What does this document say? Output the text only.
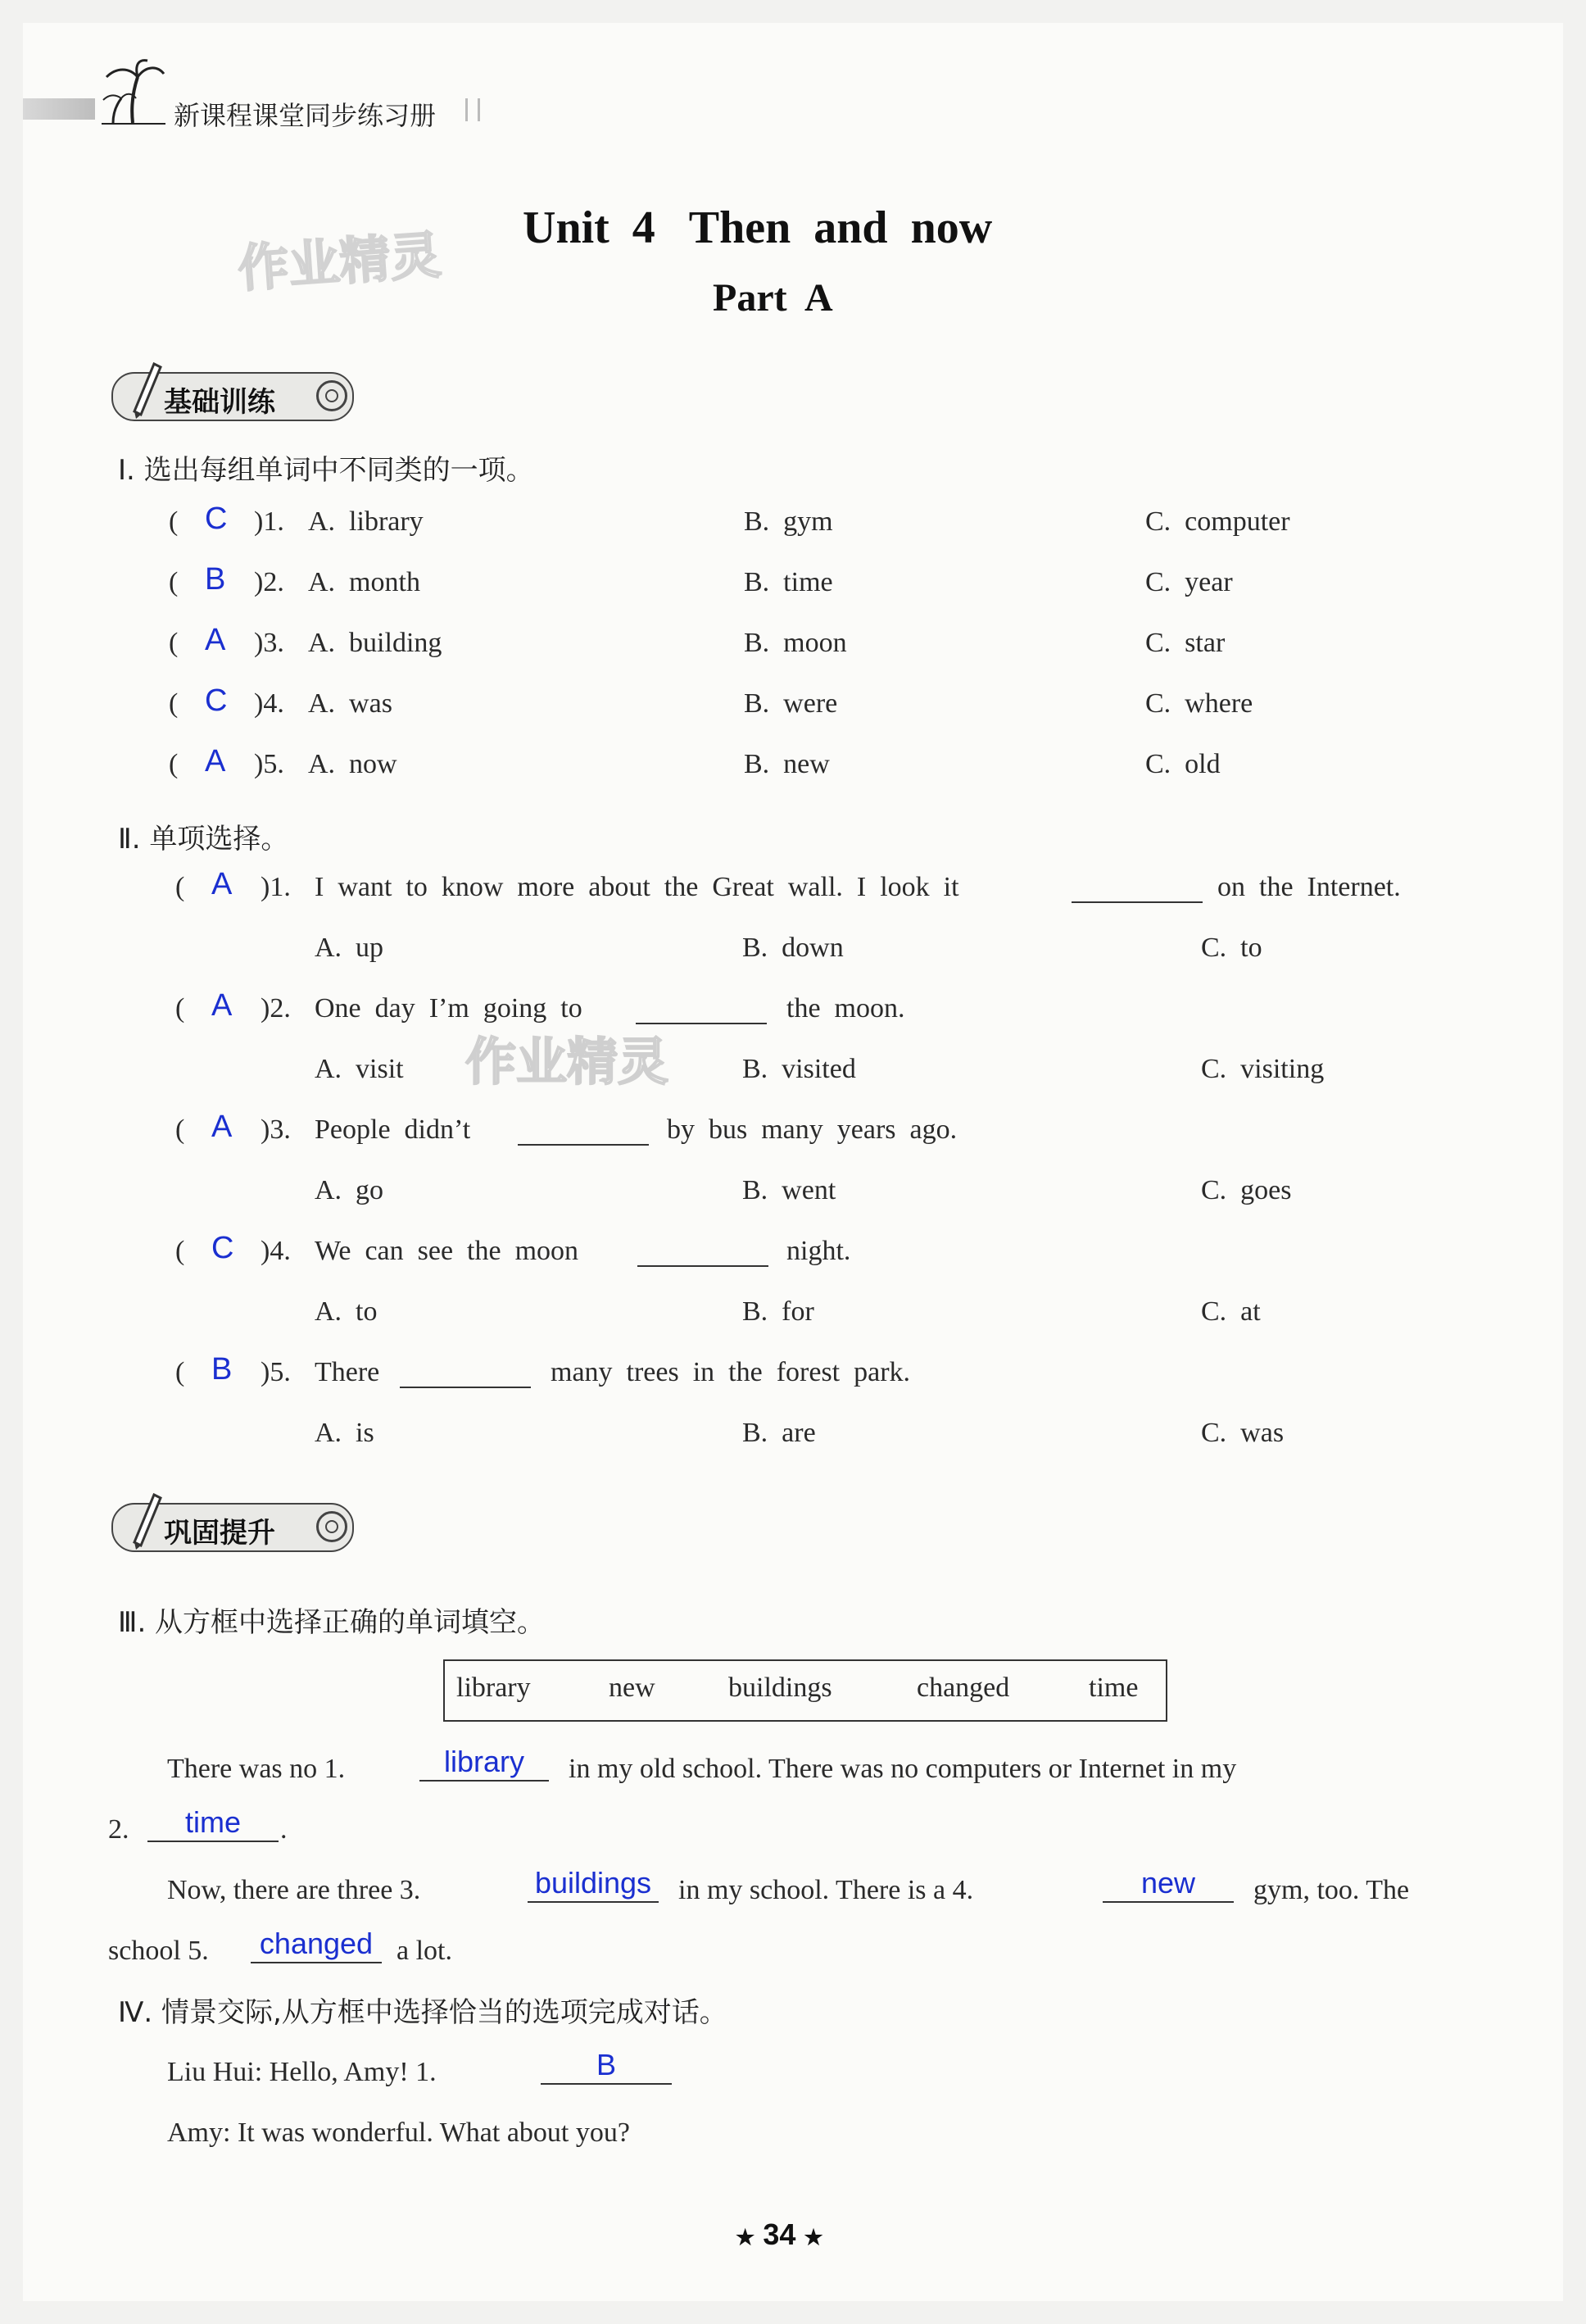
新课程课堂同步练习册
作业精灵
作业精灵
Unit  4   Then  and  now
Part  A
基础训练
Ⅰ. 选出每组单词中不同类的一项。
( C )1. A.  library	B.  gym	C.  computer
( B )2. A.  month	B.  time	C.  year
( A )3. A.  building	B.  moon	C.  star
( C )4. A.  was	B.  were	C.  where
( A )5. A.  now	B.  new	C.  old
Ⅱ. 单项选择。
( A )1. I  want  to  know  more  about  the  Great  wall.  I  look  it	on  the  Internet.
A.  up	B.  down	C.  to
( A )2. One  day  I’m  going  to	the  moon.
A.  visit	B.  visited	C.  visiting
( A )3. People  didn’t	by  bus  many  years  ago.
A.  go	B.  went	C.  goes
( C )4. We  can  see  the  moon	night.
A.  to	B.  for	C.  at
( B )5. There	many  trees  in  the  forest  park.
A.  is	B.  are	C.  was
巩固提升
Ⅲ. 从方框中选择正确的单词填空。
library	new	buildings	changed	time
There was no 1.	library	in my old school. There was no computers or Internet in my
2.	time	.
Now, there are three 3.	buildings in my school. There is a 4.	new	gym, too. The
school 5.	changed a lot.
Ⅳ. 情景交际,从方框中选择恰当的选项完成对话。
Liu Hui: Hello, Amy! 1.	B
Amy: It was wonderful. What about you?
★ 34 ★
